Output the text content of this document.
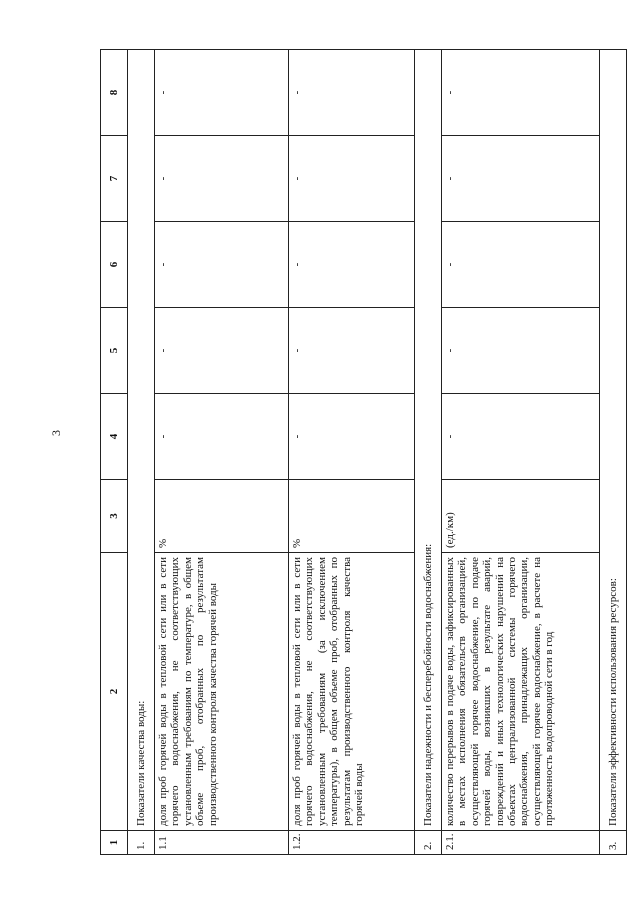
3
1	2	3	4	5	6	7	8
1.	Показатели качества воды:						
1.1	доля проб горячей воды в тепловой сети или в сети горячего водоснабжения, не соответствующих установленным требованиям по температуре, в общем объеме проб, отобранных по результатам производственного контроля качества горячей воды	%	-	-	-	-	-
1.2.	доля проб горячей воды в тепловой сети или в сети горячего водоснабжения, не соответствующих установленным требованиям (за исключением температуры), в общем объеме проб, отобранных по результатам производственного контроля качества горячей воды	%	-	-	-	-	-
2.	Показатели надежности и бесперебойности водоснабжения:						
2.1.	количество перерывов в подаче воды, зафиксированных в местах исполнения обязательств организацией, осуществляющей горячее водоснабжение, по подаче горячей воды, возникших в результате аварий, повреждений и иных технологических нарушений на объектах централизованной системы горячего водоснабжения, принадлежащих организации, осуществляющей горячее водоснабжение, в расчете на протяженность водопроводной сети в год	(ед./км)	-	-	-	-	-
3.	Показатели эффективности использования ресурсов:						
